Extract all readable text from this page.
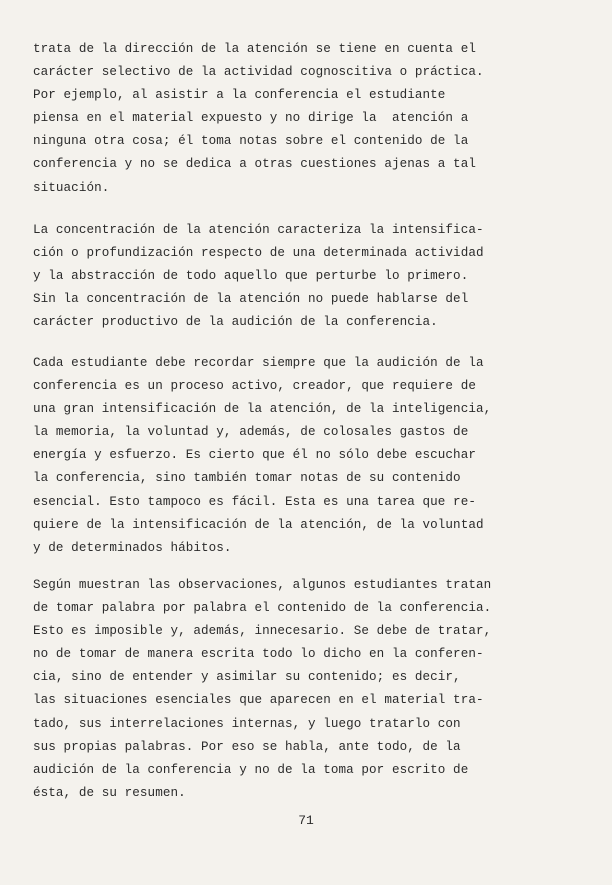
trata de la dirección de la atención se tiene en cuenta el
carácter selectivo de la actividad cognoscitiva o práctica.
Por ejemplo, al asistir a la conferencia el estudiante
piensa en el material expuesto y no dirige la  atención a
ninguna otra cosa; él toma notas sobre el contenido de la
conferencia y no se dedica a otras cuestiones ajenas a tal
situación.
La concentración de la atención caracteriza la intensifica-
ción o profundización respecto de una determinada actividad
y la abstracción de todo aquello que perturbe lo primero.
Sin la concentración de la atención no puede hablarse del
carácter productivo de la audición de la conferencia.
Cada estudiante debe recordar siempre que la audición de la
conferencia es un proceso activo, creador, que requiere de
una gran intensificación de la atención, de la inteligencia,
la memoria, la voluntad y, además, de colosales gastos de
energía y esfuerzo. Es cierto que él no sólo debe escuchar
la conferencia, sino también tomar notas de su contenido
esencial. Esto tampoco es fácil. Esta es una tarea que re-
quiere de la intensificación de la atención, de la voluntad
y de determinados hábitos.
Según muestran las observaciones, algunos estudiantes tratan
de tomar palabra por palabra el contenido de la conferencia.
Esto es imposible y, además, innecesario. Se debe de tratar,
no de tomar de manera escrita todo lo dicho en la conferen-
cia, sino de entender y asimilar su contenido; es decir,
las situaciones esenciales que aparecen en el material tra-
tado, sus interrelaciones internas, y luego tratarlo con
sus propias palabras. Por eso se habla, ante todo, de la
audición de la conferencia y no de la toma por escrito de
ésta, de su resumen.
71
